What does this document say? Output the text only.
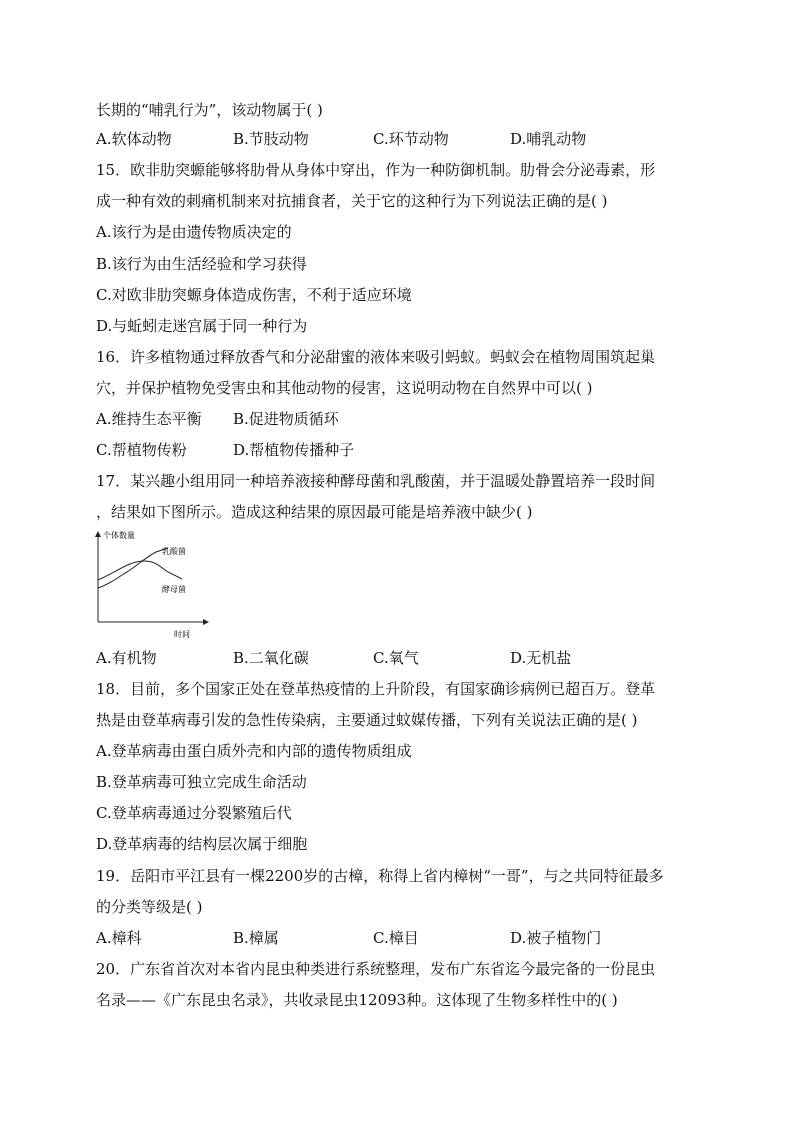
长期的“哺乳行为”，该动物属于( )
A.软体动物	B.节肢动物	C.环节动物	D.哺乳动物
15．欧非肋突螈能够将肋骨从身体中穿出，作为一种防御机制。肋骨会分泌毒素，形
成一种有效的刺痛机制来对抗捕食者，关于它的这种行为下列说法正确的是( )
A.该行为是由遗传物质决定的
B.该行为由生活经验和学习获得
C.对欧非肋突螈身体造成伤害，不利于适应环境
D.与蚯蚓走迷宫属于同一种行为
16．许多植物通过释放香气和分泌甜蜜的液体来吸引蚂蚁。蚂蚁会在植物周围筑起巢
穴，并保护植物免受害虫和其他动物的侵害，这说明动物在自然界中可以( )
A.维持生态平衡 B.促进物质循环
C.帮植物传粉	D.帮植物传播种子
17．某兴趣小组用同一种培养液接种酵母菌和乳酸菌，并于温暖处静置培养一段时间
，结果如下图所示。造成这种结果的原因最可能是培养液中缺少( )
个体数量
时间
乳酸菌
酵母菌
A.有机物	B.二氧化碳	C.氧气	D.无机盐
18．目前，多个国家正处在登革热疫情的上升阶段，有国家确诊病例已超百万。登革
热是由登革病毒引发的急性传染病，主要通过蚊媒传播，下列有关说法正确的是( )
A.登革病毒由蛋白质外壳和内部的遗传物质组成
B.登革病毒可独立完成生命活动
C.登革病毒通过分裂繁殖后代
D.登革病毒的结构层次属于细胞
19．岳阳市平江县有一棵2200岁的古樟，称得上省内樟树“一哥”，与之共同特征最多
的分类等级是( )
A.樟科	B.樟属	C.樟目	D.被子植物门
20．广东省首次对本省内昆虫种类进行系统整理，发布广东省迄今最完备的一份昆虫
名录——《广东昆虫名录》，共收录昆虫12093种。这体现了生物多样性中的( )
